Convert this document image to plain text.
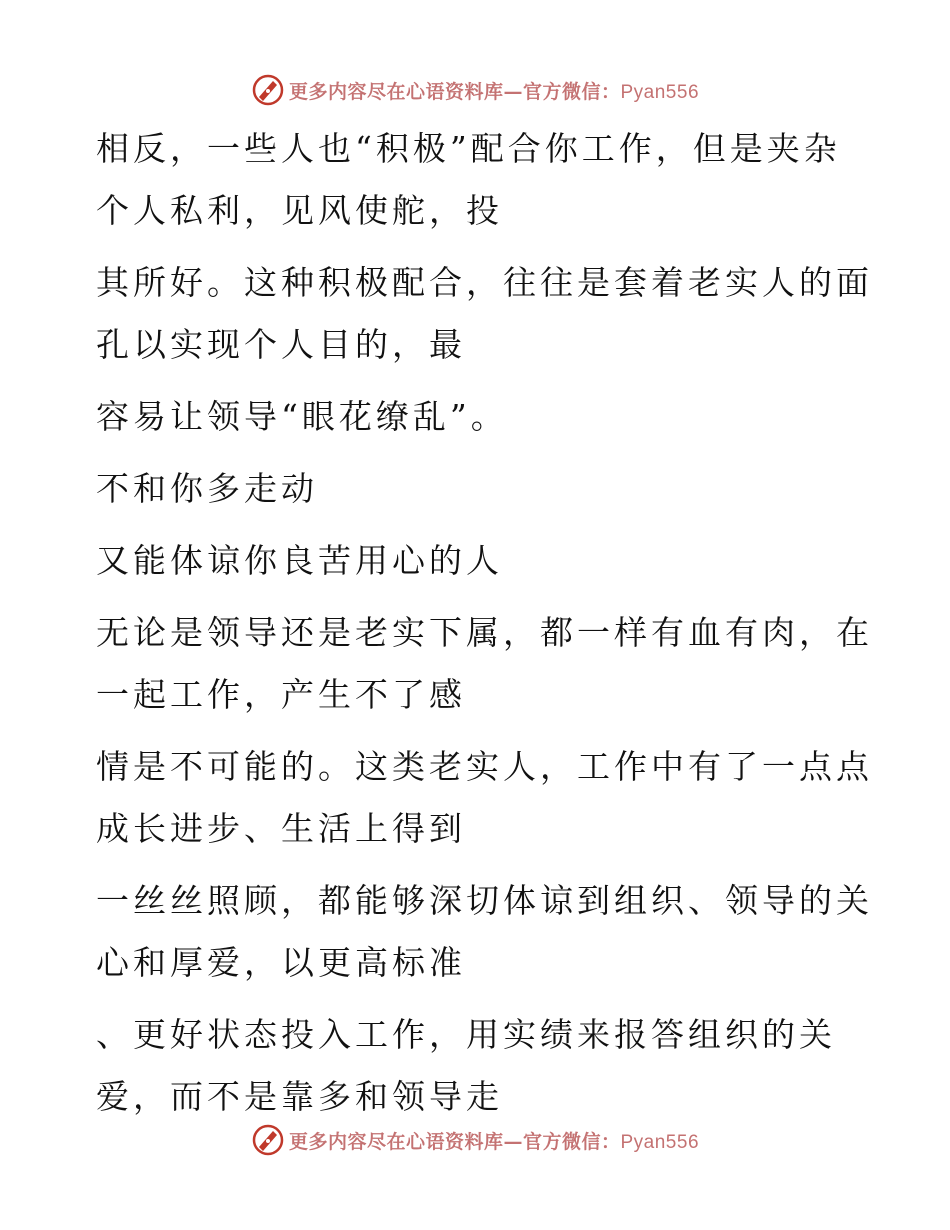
更多内容尽在心语资料库—官方微信：Pyan556
相反，一些人也“积极”配合你工作，但是夹杂
个人私利，见风使舵，投
其所好。这种积极配合，往往是套着老实人的面
孔以实现个人目的，最
容易让领导“眼花缭乱”。
不和你多走动
又能体谅你良苦用心的人
无论是领导还是老实下属，都一样有血有肉，在
一起工作，产生不了感
情是不可能的。这类老实人，工作中有了一点点
成长进步、生活上得到
一丝丝照顾，都能够深切体谅到组织、领导的关
心和厚爱，以更高标准
、更好状态投入工作，用实绩来报答组织的关
爱，而不是靠多和领导走
更多内容尽在心语资料库—官方微信：Pyan556
